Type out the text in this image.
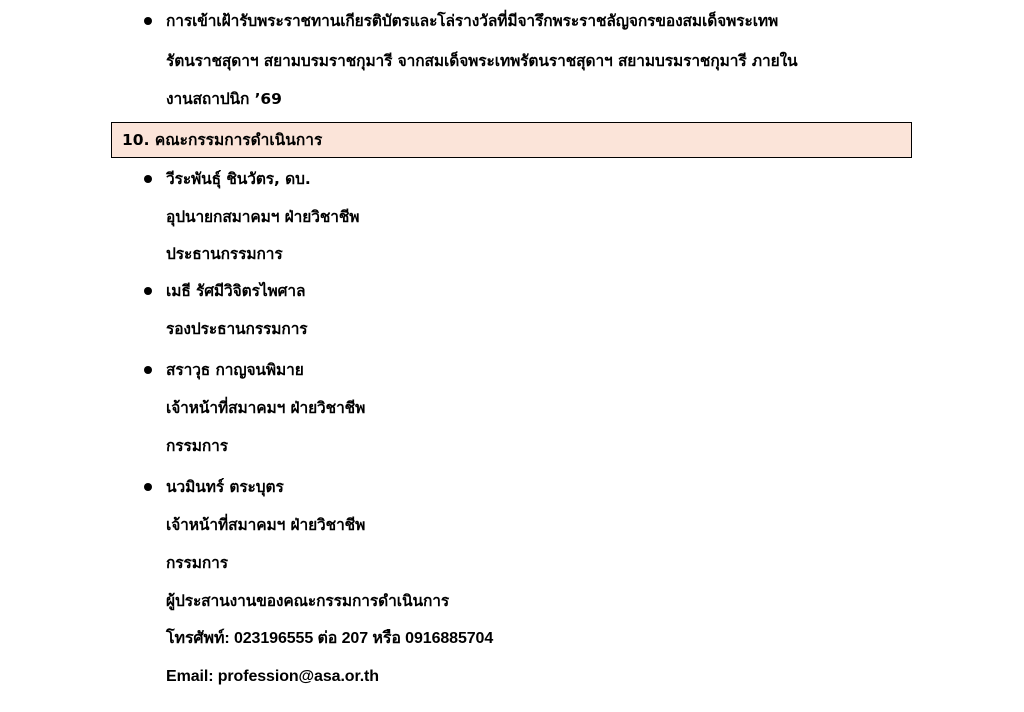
การเข้าเฝ้ารับพระราชทานเกียรติบัตรและโล่รางวัลที่มีจารึกพระราชลัญจกรของสมเด็จพระเทพ
รัตนราชสุดาฯ สยามบรมราชกุมารี จากสมเด็จพระเทพรัตนราชสุดาฯ สยามบรมราชกุมารี ภายใน
งานสถาปนิก ’69
10. คณะกรรมการดำเนินการ
วีระพันธุ์ ชินวัตร, ดบ.
อุปนายกสมาคมฯ ฝ่ายวิชาชีพ
ประธานกรรมการ
เมธี รัศมีวิจิตรไพศาล
รองประธานกรรมการ
สราวุธ กาญจนพิมาย
เจ้าหน้าที่สมาคมฯ ฝ่ายวิชาชีพ
กรรมการ
นวมินทร์ ตระบุตร
เจ้าหน้าที่สมาคมฯ ฝ่ายวิชาชีพ
กรรมการ
ผู้ประสานงานของคณะกรรมการดำเนินการ
โทรศัพท์: 023196555 ต่อ 207 หรือ 0916885704
Email: profession@asa.or.th
